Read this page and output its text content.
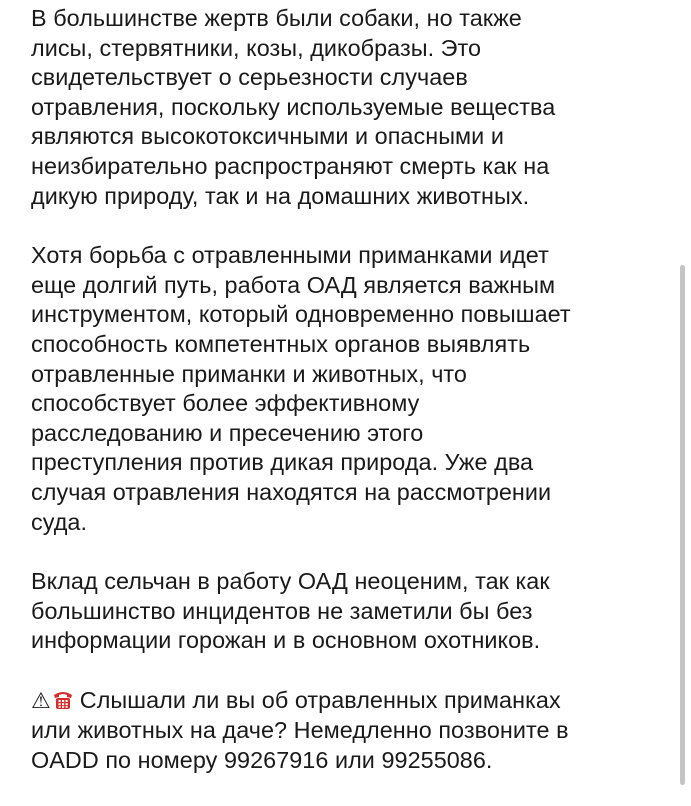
В большинстве жертв были собаки, но также
лисы, стервятники, козы, дикобразы. Это
свидетельствует о серьезности случаев
отравления, поскольку используемые вещества
являются высокотоксичными и опасными и
неизбирательно распространяют смерть как на
дикую природу, так и на домашних животных.

Хотя борьба с отравленными приманками идет
еще долгий путь, работа ОАД является важным
инструментом, который одновременно повышает
способность компетентных органов выявлять
отравленные приманки и животных, что
способствует более эффективному
расследованию и пресечению этого
преступления против дикая природа. Уже два
случая отравления находятся на рассмотрении
суда.

Вклад сельчан в работу ОАД неоценим, так как
большинство инцидентов не заметили бы без
информации горожан и в основном охотников.

⚠ Слышали ли вы об отравленных приманках
или животных на даче? Немедленно позвоните в
OADD по номеру 99267916 или 99255086.
